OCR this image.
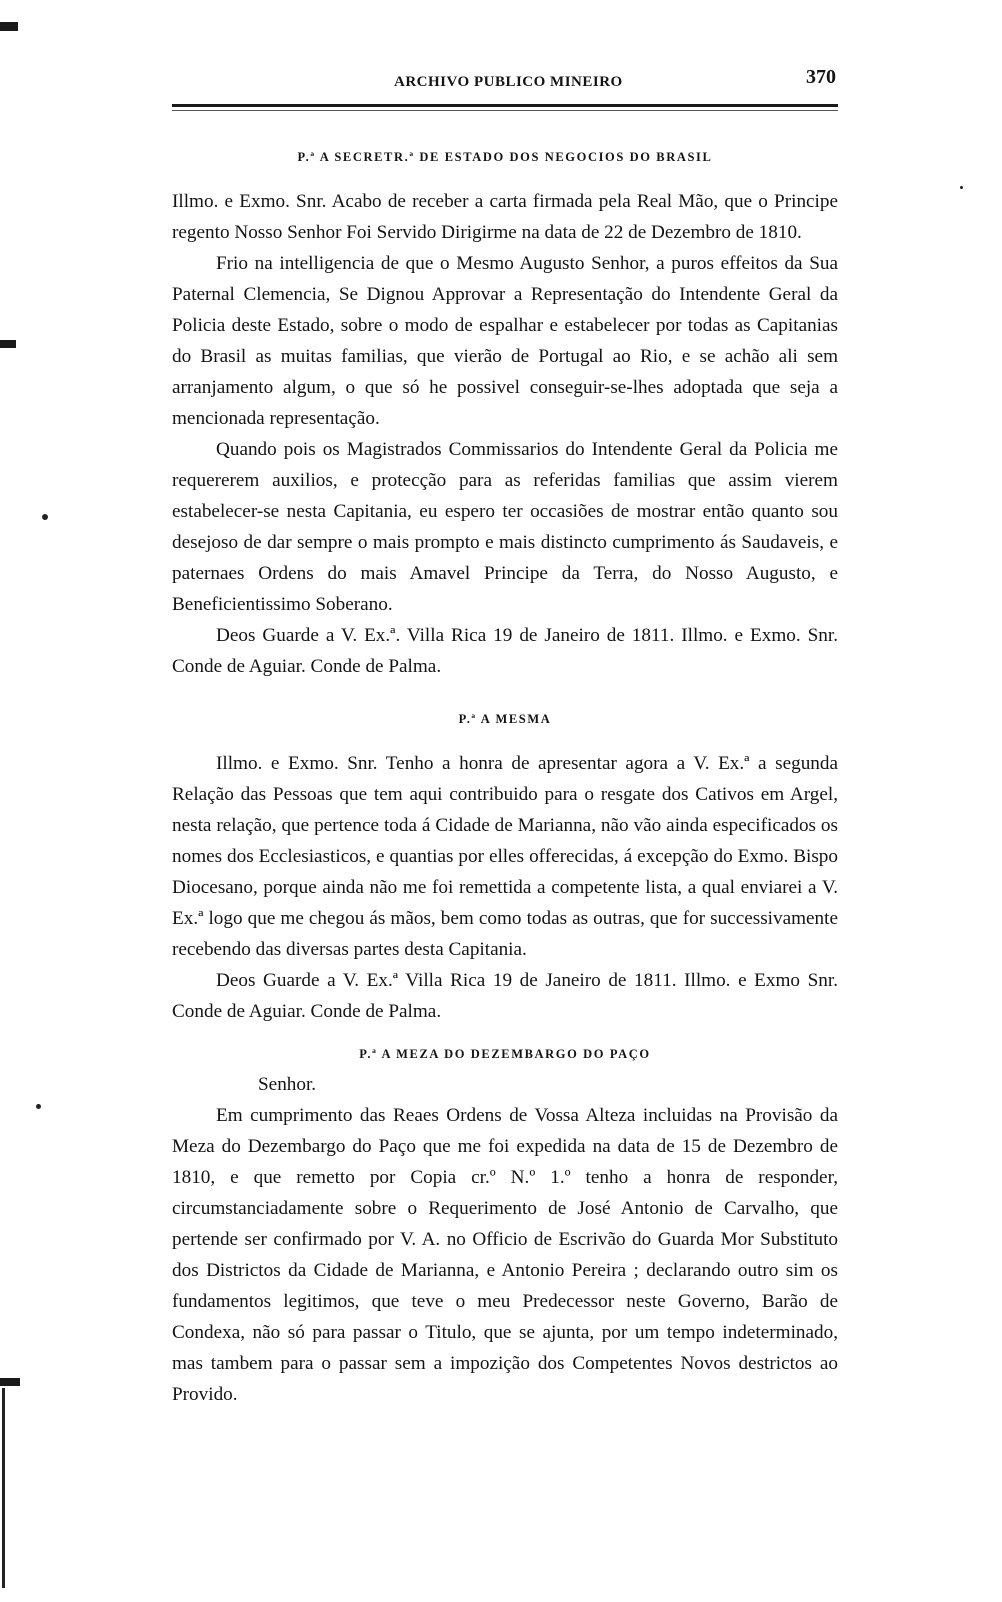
ARCHIVO PUBLICO MINEIRO	370
P.ª A SECRETR.ª DE ESTADO DOS NEGOCIOS DO BRASIL

Illmo. e Exmo. Snr. Acabo de receber a carta firmada pela Real Mão, que o Principe regento Nosso Senhor Foi Servido Dirigirme na data de 22 de Dezembro de 1810.

Frio na intelligencia de que o Mesmo Augusto Senhor, a puros effeitos da Sua Paternal Clemencia, Se Dignou Approvar a Representação do Intendente Geral da Policia deste Estado, sobre o modo de espalhar e estabelecer por todas as Capitanias do Brasil as muitas familias, que vierão de Portugal ao Rio, e se achão ali sem arranjamento algum, o que só he possivel conseguir-se-lhes adoptada que seja a mencionada representação.

Quando pois os Magistrados Commissarios do Intendente Geral da Policia me requererem auxilios, e protecção para as referidas familias que assim vierem estabelecer-se nesta Capitania, eu espero ter occasiões de mostrar então quanto sou desejoso de dar sempre o mais prompto e mais distincto cumprimento ás Saudaveis, e paternaes Ordens do mais Amavel Principe da Terra, do Nosso Augusto, e Beneficientissimo Soberano.

Deos Guarde a V. Ex.ª. Villa Rica 19 de Janeiro de 1811. Illmo. e Exmo. Snr. Conde de Aguiar. Conde de Palma.

P.ª A MESMA

Illmo. e Exmo. Snr. Tenho a honra de apresentar agora a V. Ex.ª a segunda Relação das Pessoas que tem aqui contribuido para o resgate dos Cativos em Argel, nesta relação, que pertence toda á Cidade de Marianna, não vão ainda especificados os nomes dos Ecclesiasticos, e quantias por elles offerecidas, á excepção do Exmo. Bispo Diocesano, porque ainda não me foi remettida a competente lista, a qual enviarei a V. Ex.ª logo que me chegou ás mãos, bem como todas as outras, que for successivamente recebendo das diversas partes desta Capitania.

Deos Guarde a V. Ex.ª Villa Rica 19 de Janeiro de 1811. Illmo. e Exmo Snr. Conde de Aguiar. Conde de Palma.

P.ª A MEZA DO DEZEMBARGO DO PAÇO

Senhor.

Em cumprimento das Reaes Ordens de Vossa Alteza incluidas na Provisão da Meza do Dezembargo do Paço que me foi expedida na data de 15 de Dezembro de 1810, e que remetto por Copia cr.º N.º 1.º tenho a honra de responder, circumstanciadamente sobre o Requerimento de José Antonio de Carvalho, que pertende ser confirmado por V. A. no Officio de Escrivão do Guarda Mor Substituto dos Districtos da Cidade de Marianna, e Antonio Pereira ; declarando outro sim os fundamentos legitimos, que teve o meu Predecessor neste Governo, Barão de Condexa, não só para passar o Titulo, que se ajunta, por um tempo indeterminado, mas tambem para o passar sem a impozição dos Competentes Novos destrictos ao Provido.
